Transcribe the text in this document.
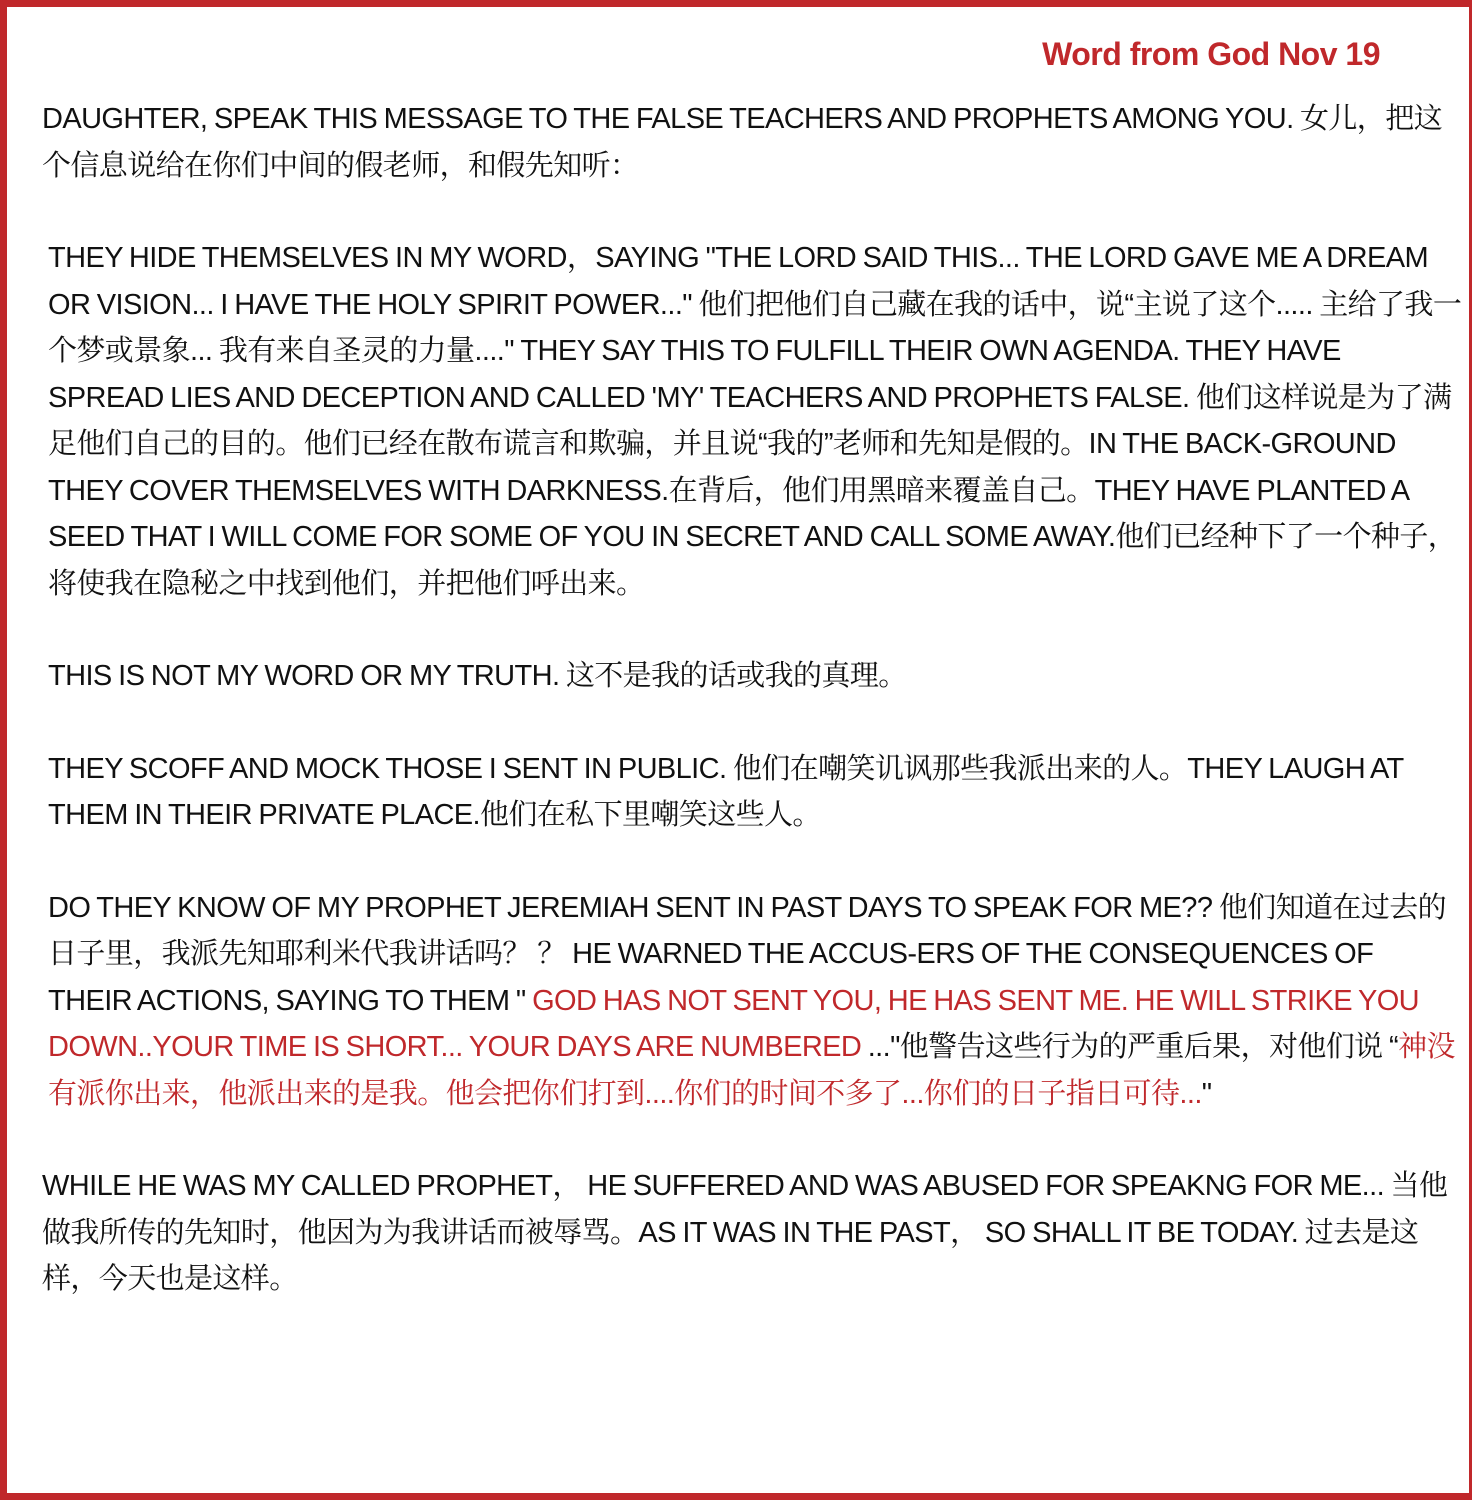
Word from God Nov 19

DAUGHTER, SPEAK THIS MESSAGE TO THE FALSE TEACHERS AND PROPHETS AMONG YOU. 女儿，把这个信息说给在你们中间的假老师，和假先知听：

THEY HIDE THEMSELVES IN MY WORD，SAYING "THE LORD SAID THIS... THE LORD GAVE ME A DREAM OR VISION... I HAVE THE HOLY SPIRIT POWER..." 他们把他们自己藏在我的话中，说“主说了这个..... 主给了我一个梦或景象... 我有来自圣灵的力量...." THEY SAY THIS TO FULFILL THEIR OWN AGENDA. THEY HAVE SPREAD LIES AND DECEPTION AND CALLED 'MY' TEACHERS AND PROPHETS FALSE. 他们这样说是为了满足他们自己的目的。他们已经在散布谎言和欺骗，并且说“我的”老师和先知是假的。IN THE BACK-GROUND THEY COVER THEMSELVES WITH DARKNESS.在背后，他们用黑暗来覆盖自己。THEY HAVE PLANTED A SEED THAT I WILL COME FOR SOME OF YOU IN SECRET AND CALL SOME AWAY.他们已经种下了一个种子，将使我在隐秘之中找到他们，并把他们呼出来。

THIS IS NOT MY WORD OR MY TRUTH. 这不是我的话或我的真理。

THEY SCOFF AND MOCK THOSE I SENT IN PUBLIC. 他们在嘲笑讥讽那些我派出来的人。THEY LAUGH AT THEM IN THEIR PRIVATE PLACE.他们在私下里嘲笑这些人。

DO THEY KNOW OF MY PROPHET JEREMIAH SENT IN PAST DAYS TO SPEAK FOR ME?? 他们知道在过去的日子里，我派先知耶利米代我讲话吗？ ？ HE WARNED THE ACCUS-ERS OF THE CONSEQUENCES OF THEIR ACTIONS, SAYING TO THEM " GOD HAS NOT SENT YOU, HE HAS SENT ME. HE WILL STRIKE YOU DOWN..YOUR TIME IS SHORT... YOUR DAYS ARE NUMBERED ..."他警告这些行为的严重后果，对他们说 “神没有派你出来，他派出来的是我。他会把你们打到....你们的时间不多了...你们的日子指日可待..."

WHILE HE WAS MY CALLED PROPHET， HE SUFFERED AND WAS ABUSED FOR SPEAKNG FOR ME... 当他做我所传的先知时，他因为为我讲话而被辱骂。AS IT WAS IN THE PAST， SO SHALL IT BE TODAY. 过去是这样，今天也是这样。
